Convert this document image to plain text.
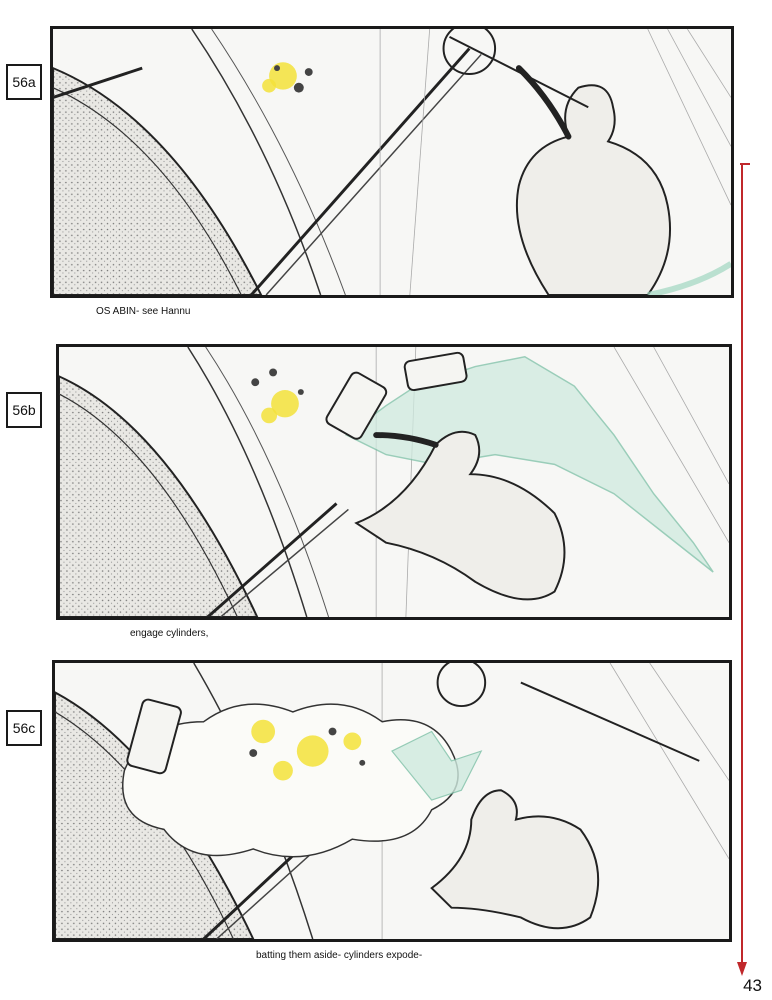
56a
OS ABIN- see Hannu
56b
engage cylinders,
56c
batting them aside- cylinders expode-
43
